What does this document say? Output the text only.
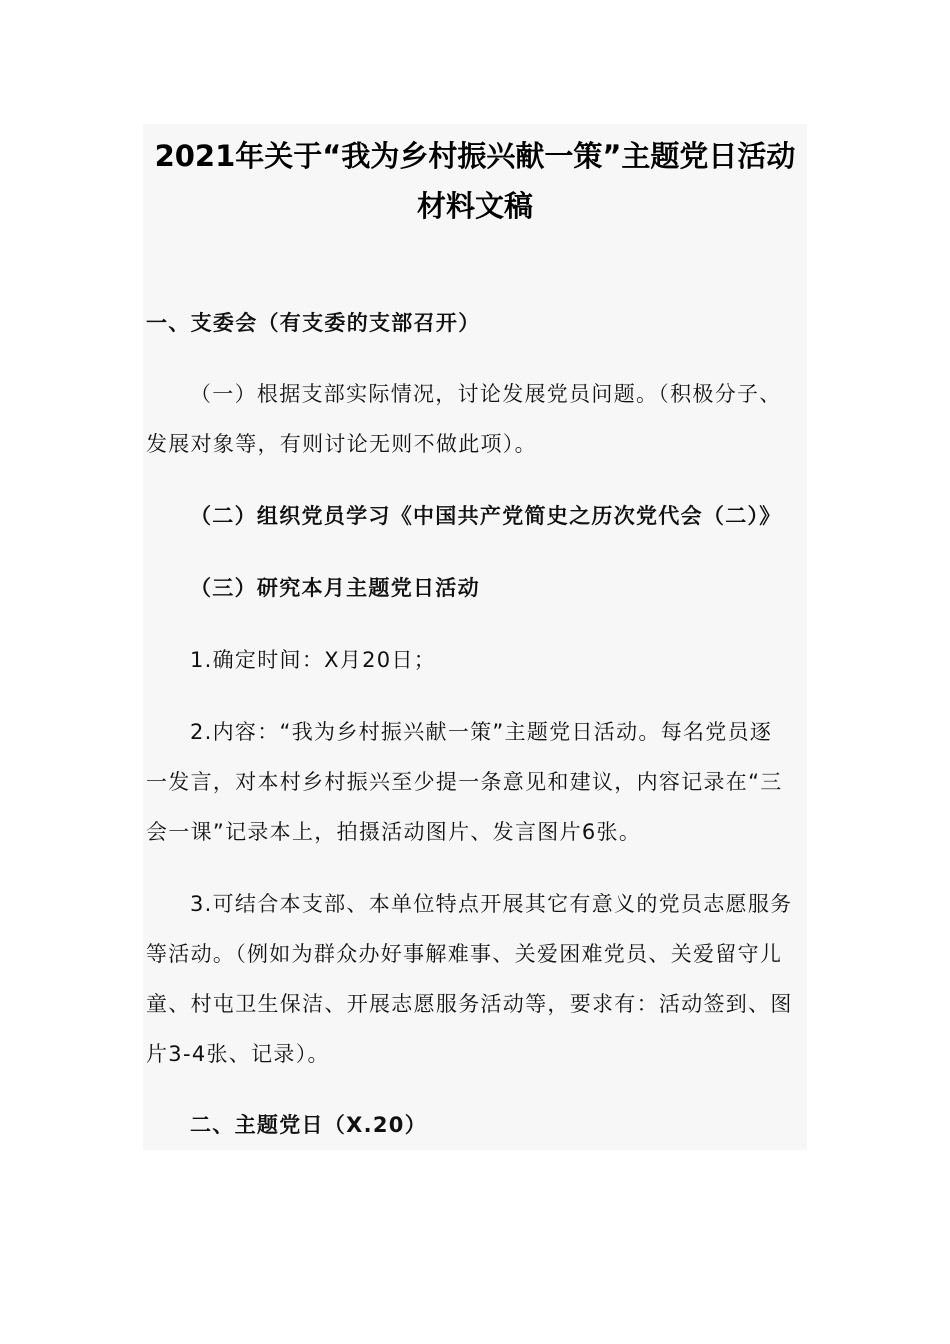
2021年关于“我为乡村振兴献一策”主题党日活动
材料文稿

一、支委会（有支委的支部召开）

（一）根据支部实际情况，讨论发展党员问题。（积极分子、
发展对象等，有则讨论无则不做此项）。

（二）组织党员学习《中国共产党简史之历次党代会（二）》

（三）研究本月主题党日活动

1.确定时间：X月20日；

2.内容：“我为乡村振兴献一策”主题党日活动。每名党员逐
一发言，对本村乡村振兴至少提一条意见和建议，内容记录在“三
会一课”记录本上，拍摄活动图片、发言图片6张。

3.可结合本支部、本单位特点开展其它有意义的党员志愿服务
等活动。（例如为群众办好事解难事、关爱困难党员、关爱留守儿
童、村屯卫生保洁、开展志愿服务活动等，要求有：活动签到、图
片3-4张、记录）。

二、主题党日（X.20）
